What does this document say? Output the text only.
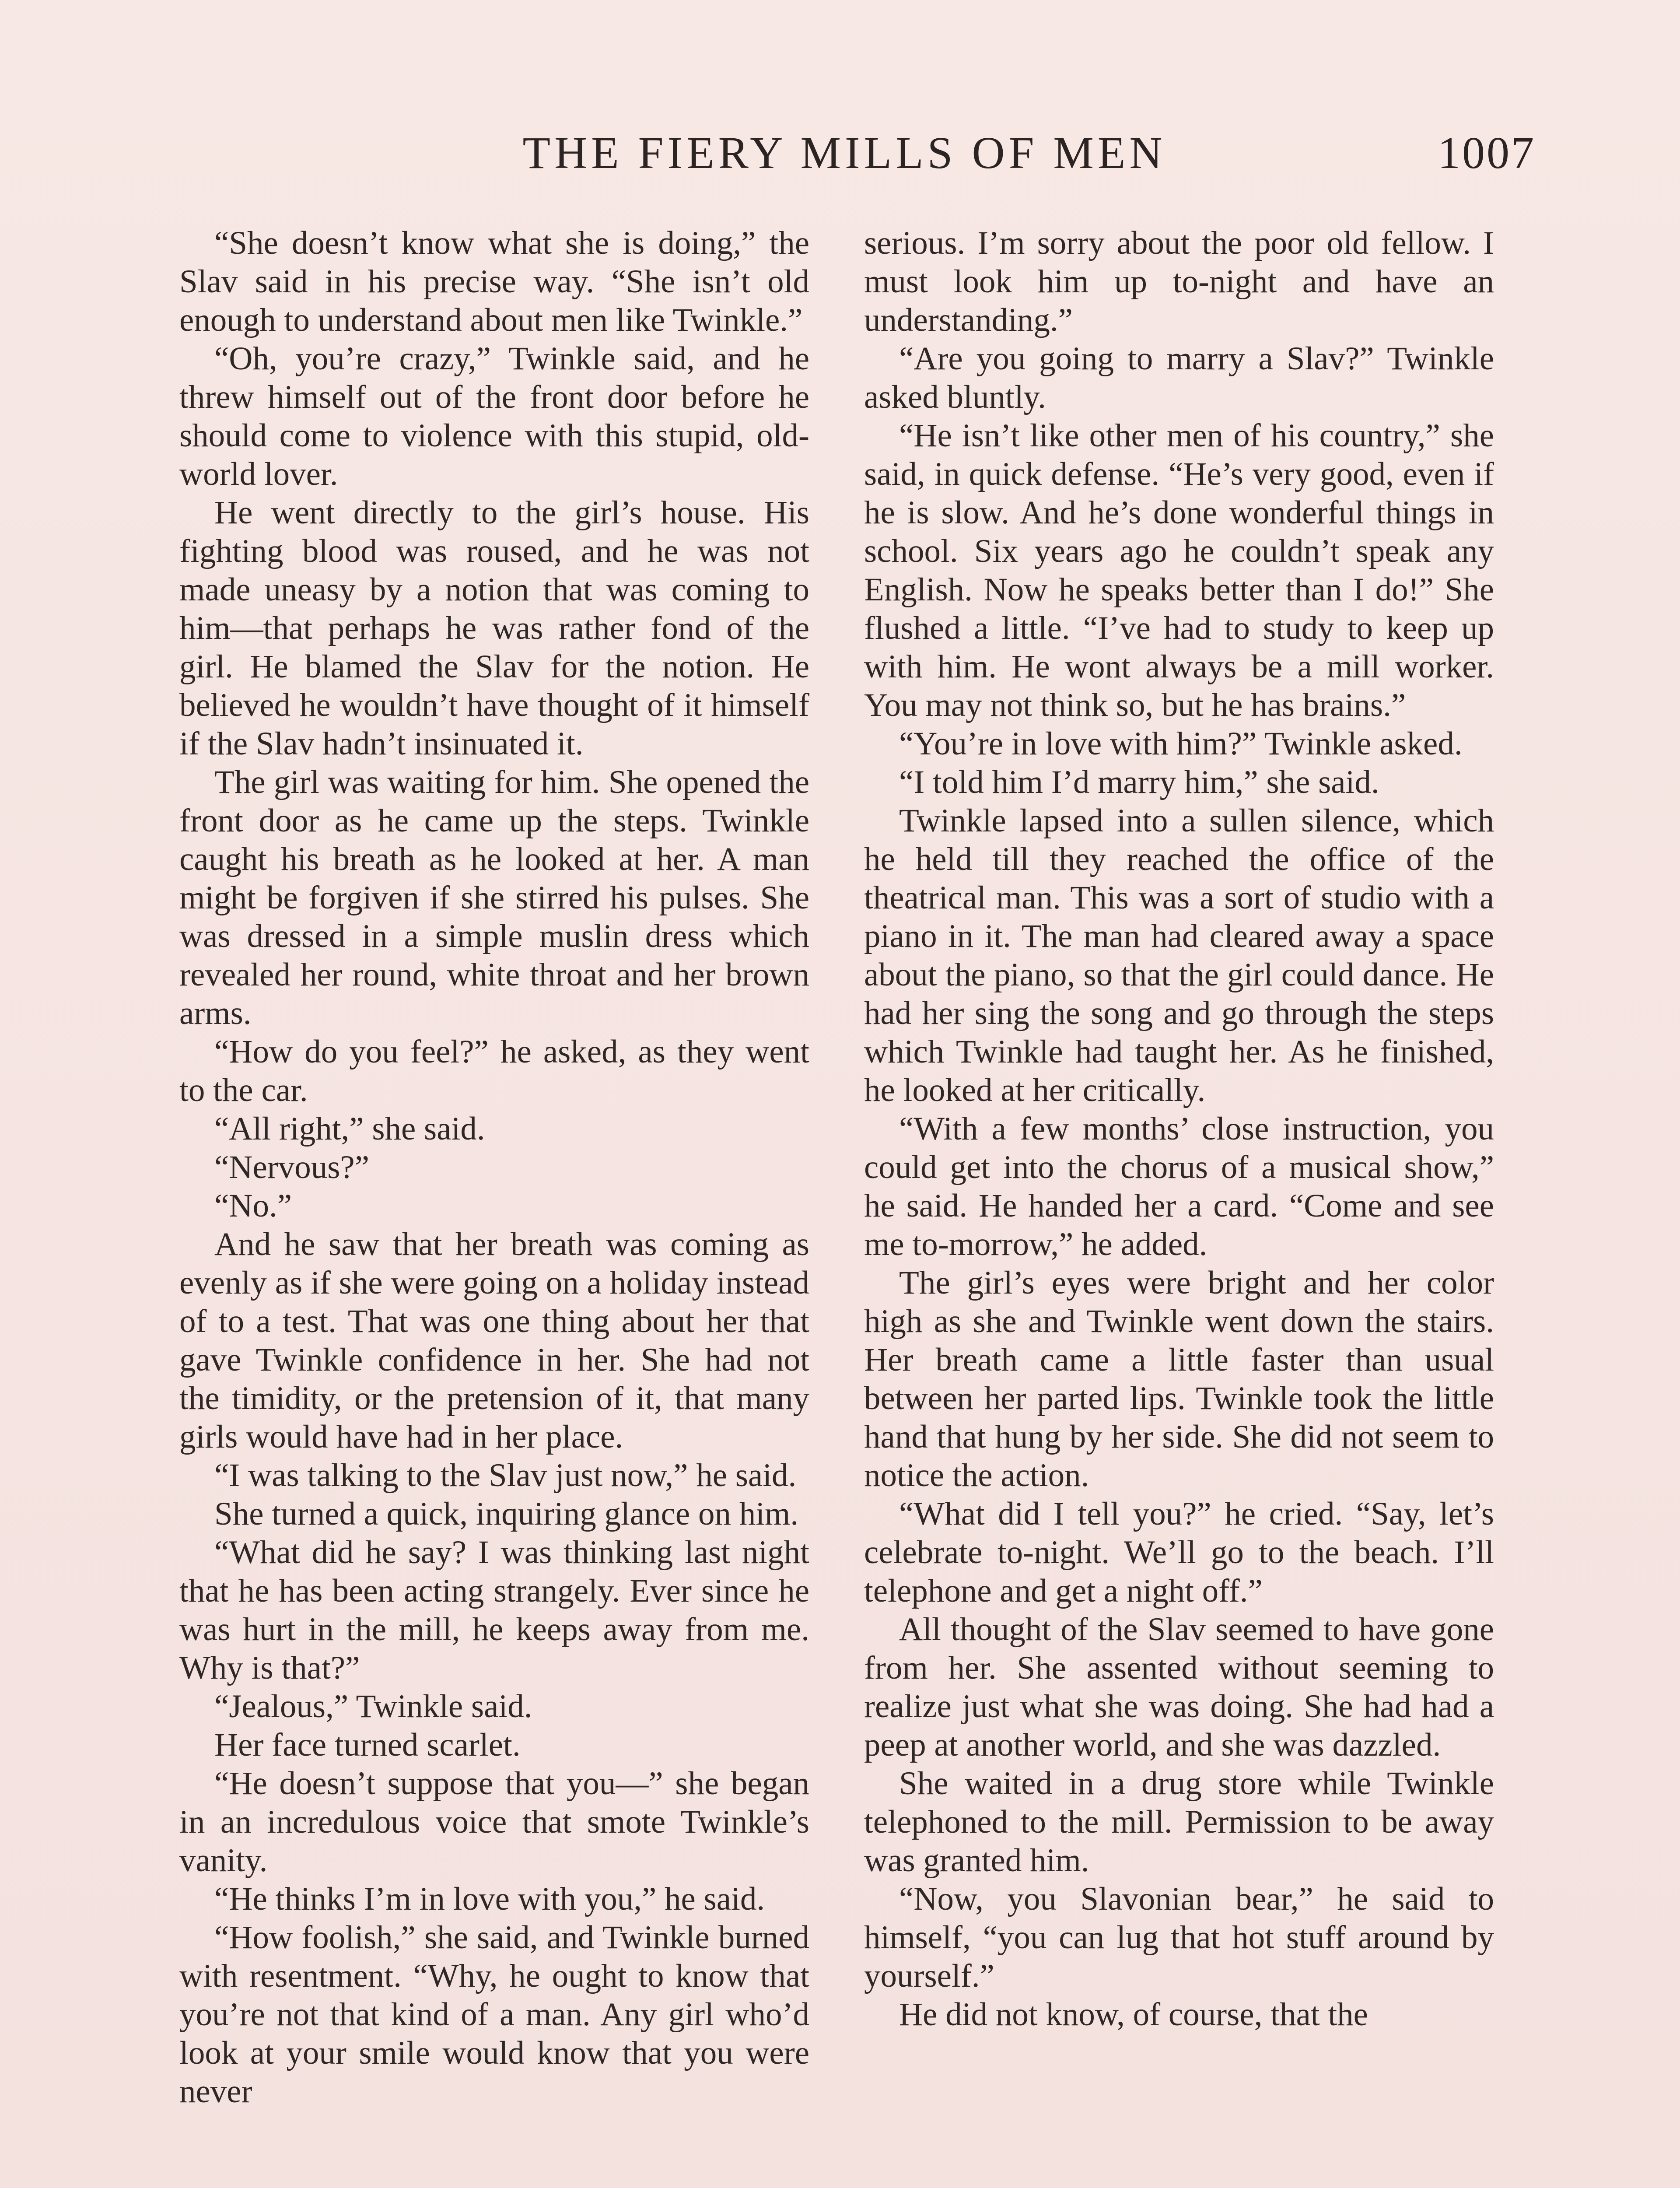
THE FIERY MILLS OF MEN	1007

“She doesn’t know what she is doing,” the Slav said in his precise way. “She isn’t old enough to understand about men like Twinkle.”

“Oh, you’re crazy,” Twinkle said, and he threw himself out of the front door before he should come to violence with this stupid, old-world lover.

He went directly to the girl’s house. His fighting blood was roused, and he was not made uneasy by a notion that was coming to him—that perhaps he was rather fond of the girl. He blamed the Slav for the notion. He believed he wouldn’t have thought of it himself if the Slav hadn’t insinuated it.

The girl was waiting for him. She opened the front door as he came up the steps. Twinkle caught his breath as he looked at her. A man might be forgiven if she stirred his pulses. She was dressed in a simple muslin dress which revealed her round, white throat and her brown arms.

“How do you feel?” he asked, as they went to the car.

“All right,” she said.

“Nervous?”

“No.”

And he saw that her breath was coming as evenly as if she were going on a holiday instead of to a test. That was one thing about her that gave Twinkle confidence in her. She had not the timidity, or the pretension of it, that many girls would have had in her place.

“I was talking to the Slav just now,” he said.

She turned a quick, inquiring glance on him.

“What did he say? I was thinking last night that he has been acting strangely. Ever since he was hurt in the mill, he keeps away from me. Why is that?”

“Jealous,” Twinkle said.

Her face turned scarlet.

“He doesn’t suppose that you—” she began in an incredulous voice that smote Twinkle’s vanity.

“He thinks I’m in love with you,” he said.

“How foolish,” she said, and Twinkle burned with resentment. “Why, he ought to know that you’re not that kind of a man. Any girl who’d look at your smile would know that you were never

serious. I’m sorry about the poor old fellow. I must look him up to-night and have an understanding.”

“Are you going to marry a Slav?” Twinkle asked bluntly.

“He isn’t like other men of his country,” she said, in quick defense. “He’s very good, even if he is slow. And he’s done wonderful things in school. Six years ago he couldn’t speak any English. Now he speaks better than I do!” She flushed a little. “I’ve had to study to keep up with him. He wont always be a mill worker. You may not think so, but he has brains.”

“You’re in love with him?” Twinkle asked.

“I told him I’d marry him,” she said.

Twinkle lapsed into a sullen silence, which he held till they reached the office of the theatrical man. This was a sort of studio with a piano in it. The man had cleared away a space about the piano, so that the girl could dance. He had her sing the song and go through the steps which Twinkle had taught her. As he finished, he looked at her critically.

“With a few months’ close instruction, you could get into the chorus of a musical show,” he said. He handed her a card. “Come and see me to-morrow,” he added.

The girl’s eyes were bright and her color high as she and Twinkle went down the stairs. Her breath came a little faster than usual between her parted lips. Twinkle took the little hand that hung by her side. She did not seem to notice the action.

“What did I tell you?” he cried. “Say, let’s celebrate to-night. We’ll go to the beach. I’ll telephone and get a night off.”

All thought of the Slav seemed to have gone from her. She assented without seeming to realize just what she was doing. She had had a peep at another world, and she was dazzled.

She waited in a drug store while Twinkle telephoned to the mill. Permission to be away was granted him.

“Now, you Slavonian bear,” he said to himself, “you can lug that hot stuff around by yourself.”

He did not know, of course, that the
